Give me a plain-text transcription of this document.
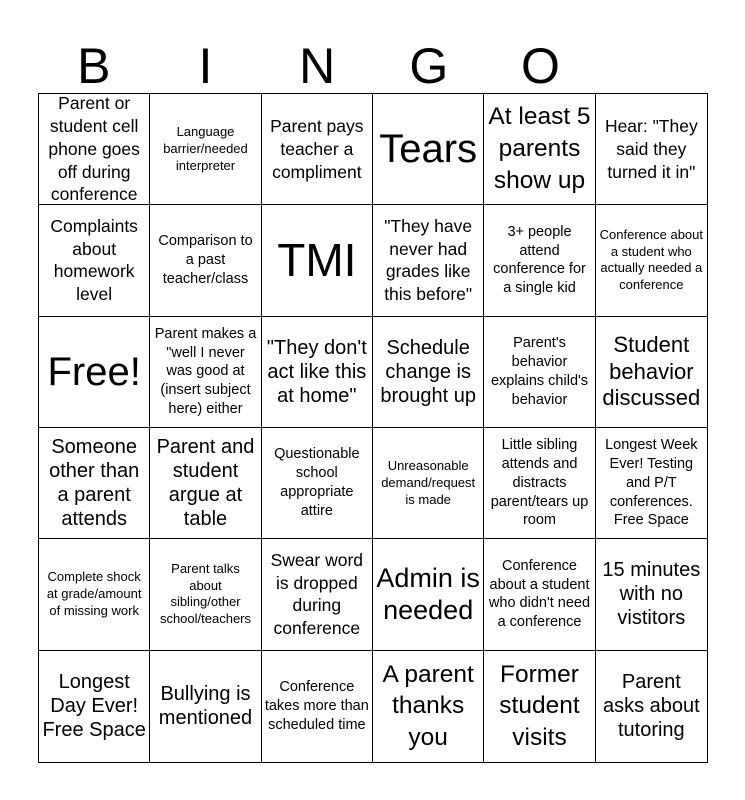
B	I	N	G	O
Parent or student cell phone goes off during conference
Language barrier/needed interpreter
Parent pays teacher a compliment
Tears
At least 5 parents show up
Hear: "They said they turned it in"
Complaints about homework level
Comparison to a past teacher/class TMI
"They have never had grades like this before"
3+ people attend conference for a single kid
Conference about a student who actually needed a conference
Free!
Parent makes a "well I never was good at (insert subject here) either
"They don't act like this at home"
Schedule change is brought up
Parent's behavior explains child's behavior
Student behavior discussed
Someone other than a parent attends
Parent and student argue at table
Questionable school appropriate attire
Unreasonable demand/request is made
Little sibling attends and distracts parent/tears up room
Longest Week Ever! Testing and P/T conferences. Free Space
Complete shock at grade/amount of missing work
Parent talks about sibling/other school/teachers
Swear word is dropped during conference
Admin is needed
Conference about a student who didn't need a conference
15 minutes with no vistitors
Longest Day Ever! Free Space
Bullying is mentioned
Conference takes more than scheduled time
A parent thanks you
Former student visits
Parent asks about tutoring
